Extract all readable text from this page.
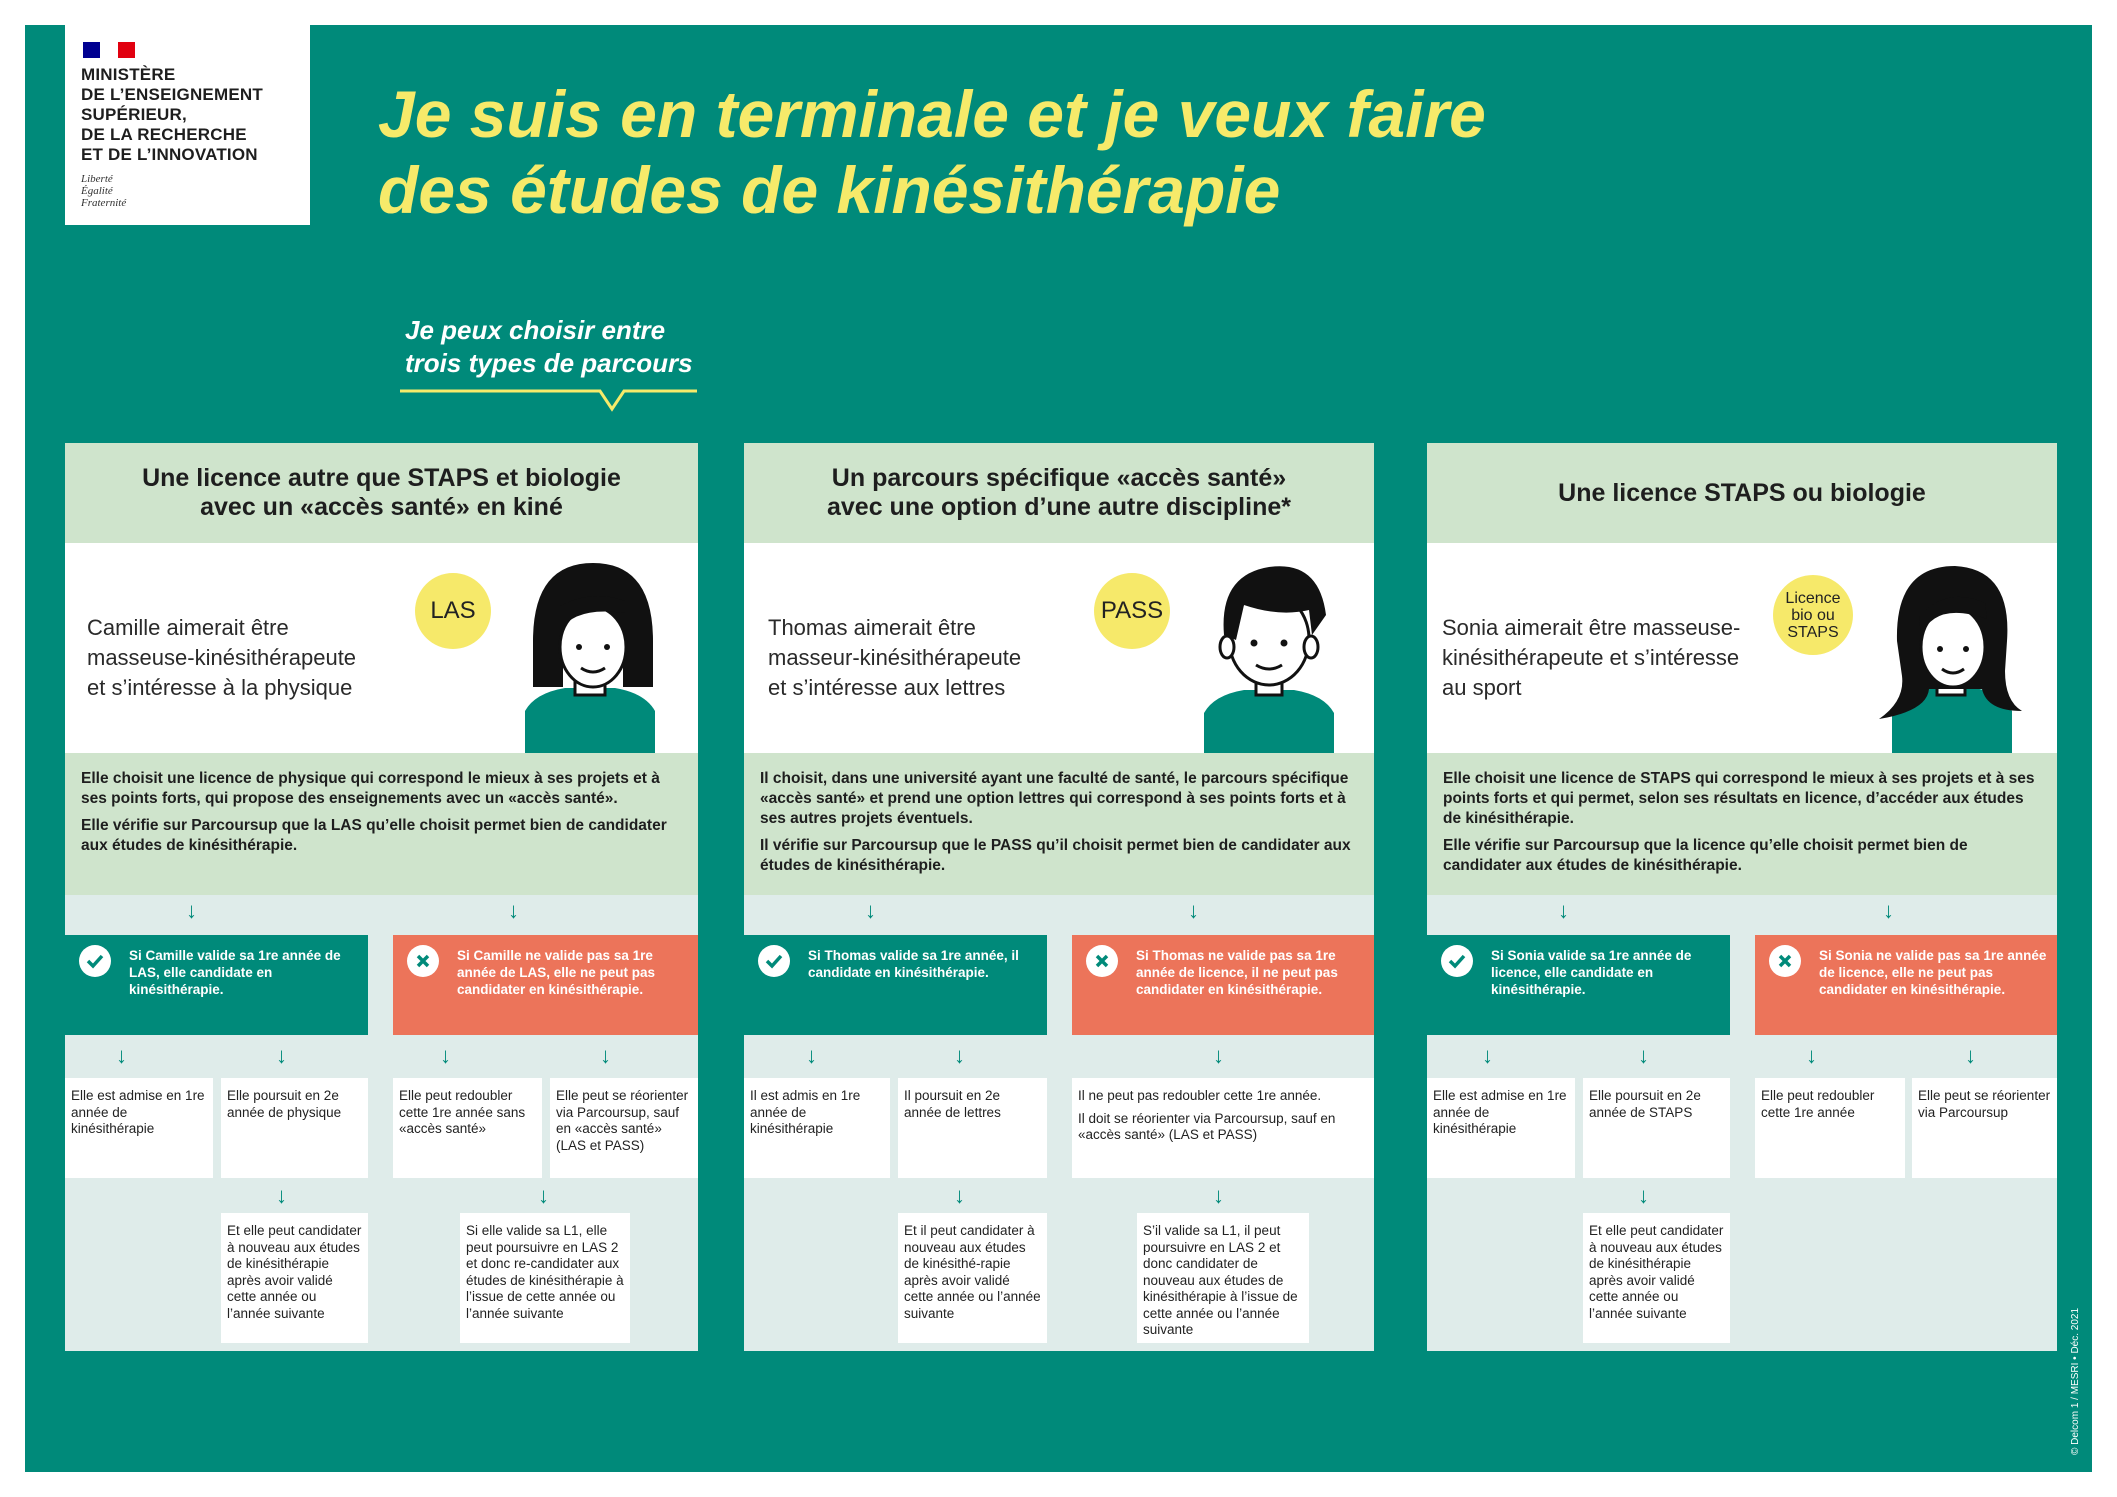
MINISTÈRE
DE L’ENSEIGNEMENT
SUPÉRIEUR,
DE LA RECHERCHE
ET DE L’INNOVATION
Liberté
Égalité
Fraternité
Je suis en terminale et je veux faire
des études de kinésithérapie
Je peux choisir entre
trois types de parcours
Une licence autre que STAPS et biologie
avec un «accès santé» en kiné
Camille aimerait être
masseuse-kinésithérapeute
et s’intéresse à la physique
LAS

Elle choisit une licence de physique qui correspond le mieux à ses projets et à ses points forts, qui propose des enseignements avec un «accès santé».

Elle vérifie sur Parcoursup que la LAS qu’elle choisit permet bien de candidater aux études de kinésithérapie.

↓	↓
Si Camille valide sa 1re année de LAS, elle candidate en kinésithérapie.
Si Camille ne valide pas sa 1re année de LAS, elle ne peut pas candidater en kinésithérapie.
↓	↓	↓	↓

Elle est admise en 1re année de kinésithérapie

Elle poursuit en 2e année de physique

Elle peut redoubler cette 1re année sans «accès santé»

Elle peut se réorienter via Parcoursup, sauf en «accès santé» (LAS et PASS)

↓	↓

Et elle peut candidater à nouveau aux études de kinésithérapie après avoir validé cette année ou l’année suivante

Si elle valide sa L1, elle peut poursuivre en LAS 2 et donc re-candidater aux études de kinésithérapie à l’issue de cette année ou l’année suivante

Un parcours spécifique «accès santé»
avec une option d’une autre discipline*
Thomas aimerait être
masseur-kinésithérapeute
et s’intéresse aux lettres
PASS

Il choisit, dans une université ayant une faculté de santé, le parcours spécifique «accès santé» et prend une option lettres qui correspond à ses points forts et à ses autres projets éventuels.

Il vérifie sur Parcoursup que le PASS qu’il choisit permet bien de candidater aux études de kinésithérapie.

↓	↓
Si Thomas valide sa 1re année, il candidate en kinésithérapie.
Si Thomas ne valide pas sa 1re année de licence, il ne peut pas candidater en kinésithérapie.
↓	↓	↓

Il est admis en 1re année de kinésithérapie

Il poursuit en 2e année de lettres

Il ne peut pas redoubler cette 1re année.

Il doit se réorienter via Parcoursup, sauf en «accès santé» (LAS et PASS)

↓	↓

Et il peut candidater à nouveau aux études de kinésithé-rapie après avoir validé cette année ou l’année suivante

S’il valide sa L1, il peut poursuivre en LAS 2 et donc candidater de nouveau aux études de kinésithérapie à l’issue de cette année ou l’année suivante

Une licence STAPS ou biologie
Sonia aimerait être masseuse-
kinésithérapeute et s’intéresse
au sport
Licence
bio ou
STAPS

Elle choisit une licence de STAPS qui correspond le mieux à ses projets et à ses points forts et qui permet, selon ses résultats en licence, d’accéder aux études de kinésithérapie.

Elle vérifie sur Parcoursup que la licence qu’elle choisit permet bien de candidater aux études de kinésithérapie.

↓	↓
Si Sonia valide sa 1re année de licence, elle candidate en kinésithérapie.
Si Sonia ne valide pas sa 1re année de licence, elle ne peut pas candidater en kinésithérapie.
↓	↓	↓	↓

Elle est admise en 1re année de kinésithérapie

Elle poursuit en 2e année de STAPS

Elle peut redoubler cette 1re année

Elle peut se réorienter via Parcoursup

↓

Et elle peut candidater à nouveau aux études de kinésithérapie après avoir validé cette année ou l’année suivante	© Delcom 1 / MESRI • Déc. 2021
